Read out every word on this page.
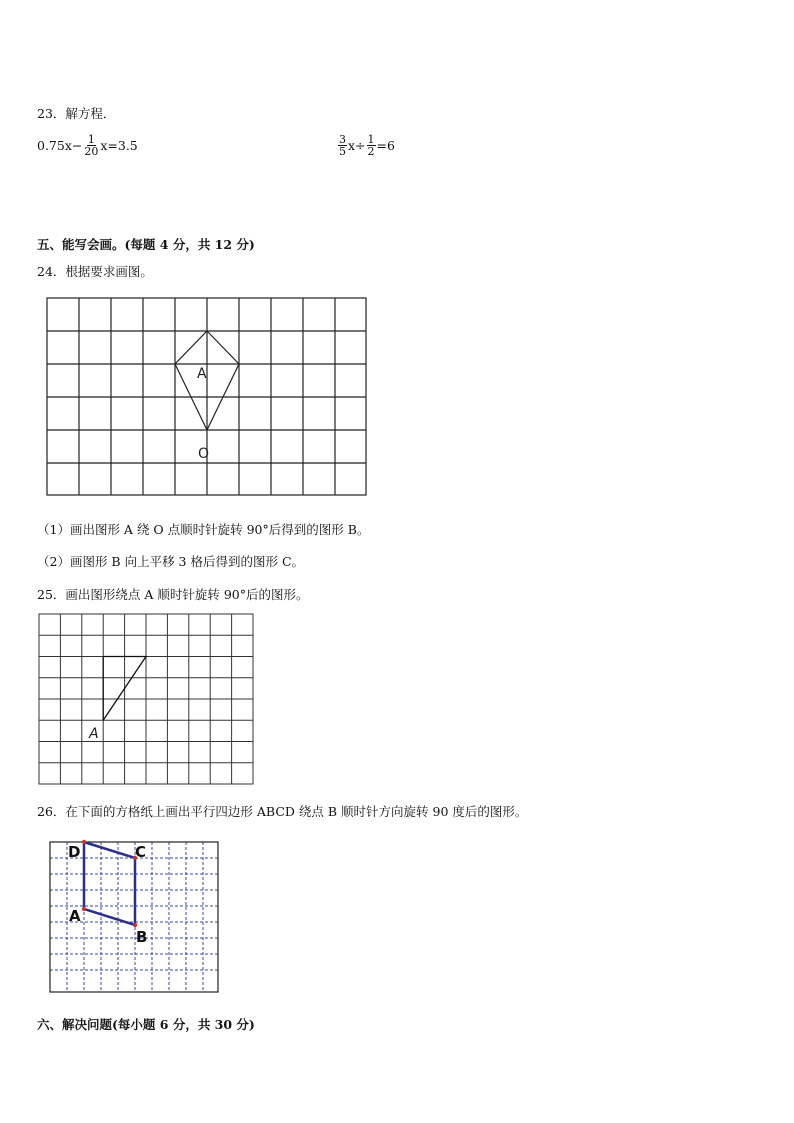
23．解方程．
$0.75x- \frac{1}{20} x=3.5$	$\frac{3}{5} x\div \frac{1}{2} =6$
五、能写会画。(每题 4 分，共 12 分)
24．根据要求画图。
A
O
（1）画出图形 A 绕 O 点顺时针旋转 90°后得到的图形 B。
（2）画图形 B 向上平移 3 格后得到的图形 C。
25．画出图形绕点 A 顺时针旋转 90°后的图形。
A
26．在下面的方格纸上画出平行四边形 ABCD 绕点 B 顺时针方向旋转 90 度后的图形。
D	C
A
B
六、解决问题(每小题 6 分，共 30 分)
